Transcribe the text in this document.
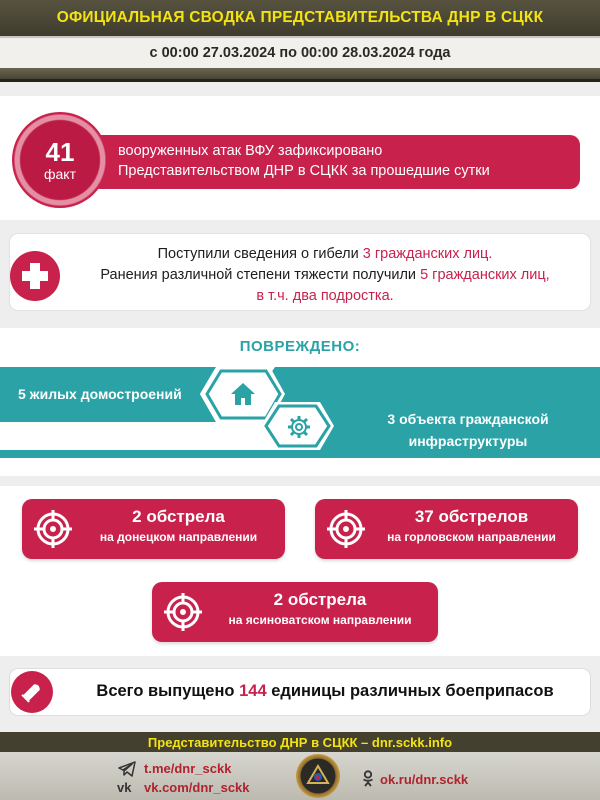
ОФИЦИАЛЬНАЯ СВОДКА ПРЕДСТАВИТЕЛЬСТВА ДНР В СЦКК
с 00:00 27.03.2024 по 00:00 28.03.2024 года
вооруженных атак ВФУ зафиксировано
Представительством ДНР в СЦКК за прошедшие сутки
41
факт
Поступили сведения о гибели 3 гражданских лиц.
Ранения различной степени тяжести получили 5 гражданских лиц,
в т.ч. два подростка.
ПОВРЕЖДЕНО:
5 жилых домостроений
3 объекта гражданской
инфраструктуры
2 обстрела
на донецком направлении
37 обстрелов
на горловском направлении
2 обстрела
на ясиноватском направлении
Всего выпущено 144 единицы различных боеприпасов
Представительство ДНР в СЦКК – dnr.sckk.info
t.me/dnr_sckk
vk vk.com/dnr_sckk
ok.ru/dnr.sckk
